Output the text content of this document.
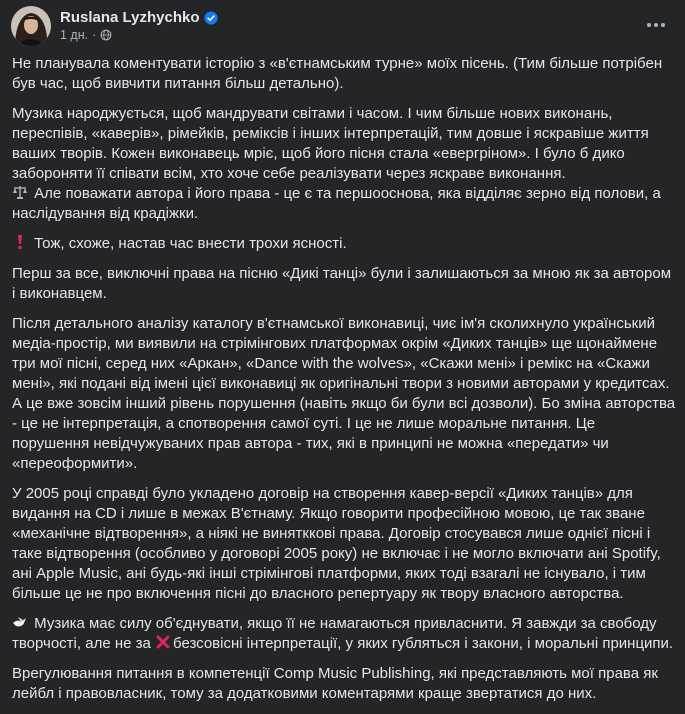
Ruslana Lyzhychko
1 дн. ·

Не планувала коментувати історію з «в'єтнамським турне» моїх пісень. (Тим більше потрібен був час, щоб вивчити питання більш детально).

Музика народжується, щоб мандрувати світами і часом. І чим більше нових виконань, переспівів, «каверів», рімейків, реміксів і інших інтерпретацій, тим довше і яскравіше життя ваших творів. Кожен виконавець мріє, щоб його пісня стала «евергріном». І було б дико забороняти її співати всім, хто хоче себе реалізувати через яскраве виконання.

Але поважати автора і його права - це є та першооснова, яка відділяє зерно від полови, а наслідування від крадіжки.

Тож, схоже, настав час внести трохи ясності.

Перш за все, виключні права на пісню «Дикі танці» були і залишаються за мною як за автором і виконавцем.

Після детального аналізу каталогу в'єтнамської виконавиці, чиє ім'я сколихнуло український медіа-простір, ми виявили на стрімінгових платформах окрім «Диких танців» ще щонаймене три мої пісні, серед них «Аркан», «Dance with the wolves», «Скажи мені» і ремікс на «Скажи мені», які подані від імені цієї виконавиці як оригінальні твори з новими авторами у кредитсах. А це вже зовсім інший рівень порушення (навіть якщо би були всі дозволи). Бо зміна авторства - це не інтерпретація, а спотворення самої суті. І це не лише моральне питання. Це порушення невідчужуваних прав автора - тих, які в принципі не можна «передати» чи «переоформити».

У 2005 році справді було укладено договір на створення кавер-версії «Диких танців» для видання на CD і лише в межах В'єтнаму. Якщо говорити професійною мовою, це так зване «механічне відтворення», а ніякі не винятккові права. Договір стосувався лише однієї пісні і таке відтворення (особливо у договорі 2005 року) не включає і не могло включати ані Spotify, ані Apple Music, ані будь-які інші стрімінгові платформи, яких тоді взагалі не існувало, і тим більше це не про включення пісні до власного репертуару як твору власного авторства.

Музика має силу об'єднувати, якщо її не намагаються привласнити. Я завжди за свободу творчості, але не за безсовісні інтерпретації, у яких губляться і закони, і моральні принципи.

Врегулювання питання в компетенції Comp Music Publishing, які представляють мої права як лейбл і правовласник, тому за додатковими коментарями краще звертатися до них.
